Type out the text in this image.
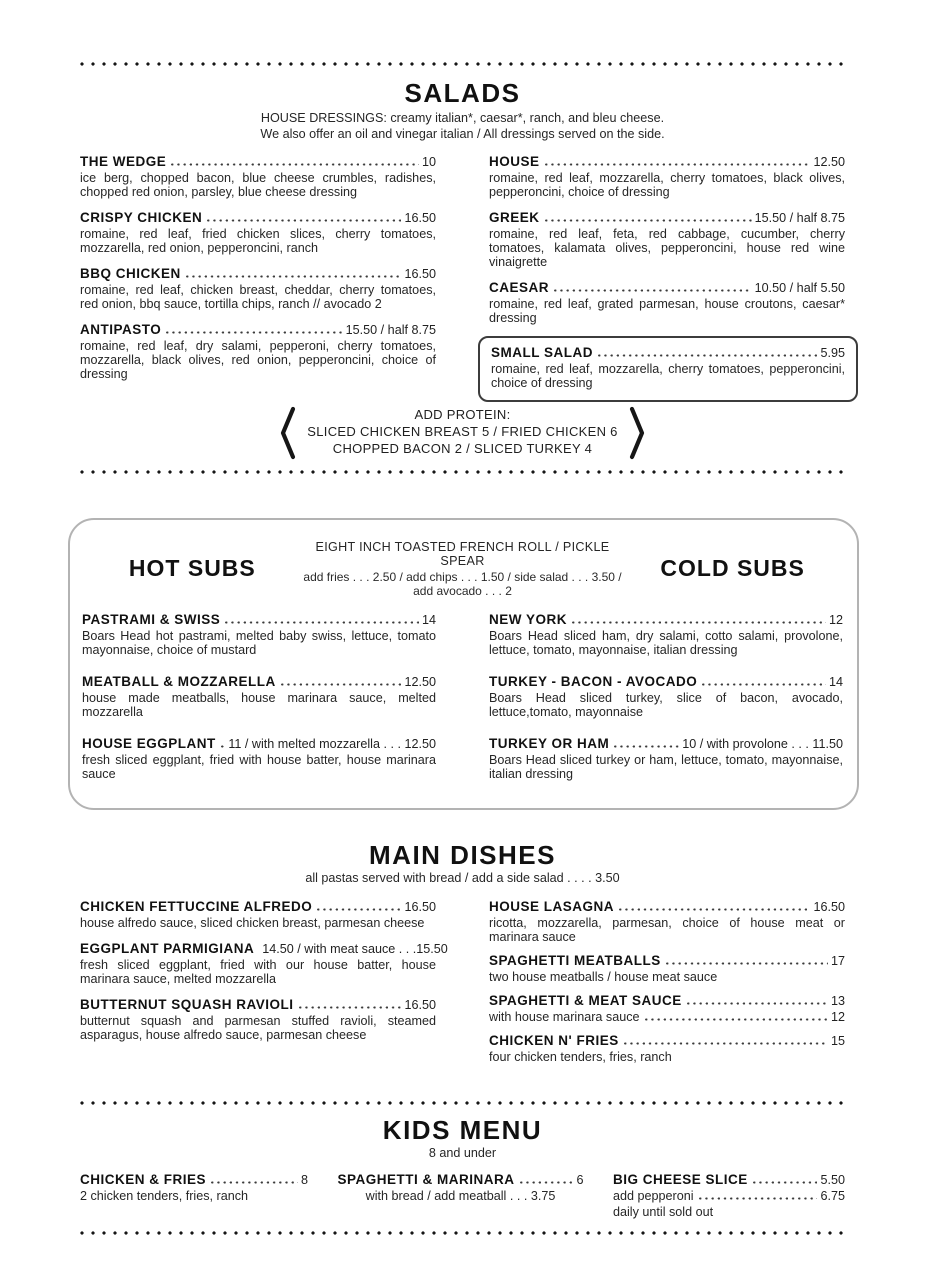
SALADS
HOUSE DRESSINGS: creamy italian*, caesar*, ranch, and bleu cheese.
We also offer an oil and vinegar italian / All dressings served on the side.
THE WEDGE	10
ice berg, chopped bacon, blue cheese crumbles, radishes, chopped red onion, parsley, blue cheese dressing
CRISPY CHICKEN	16.50
romaine, red leaf, fried chicken slices, cherry tomatoes, mozzarella, red onion, pepperoncini, ranch
BBQ CHICKEN	16.50
romaine, red leaf, chicken breast, cheddar, cherry tomatoes, red onion, bbq sauce, tortilla chips, ranch // avocado 2
ANTIPASTO	15.50 / half 8.75
romaine, red leaf, dry salami, pepperoni, cherry tomatoes, mozzarella, black olives, red onion, pepperoncini, choice of dressing
HOUSE	12.50
romaine, red leaf, mozzarella, cherry tomatoes, black olives, pepperoncini, choice of dressing
GREEK	15.50 / half 8.75
romaine, red leaf, feta, red cabbage, cucumber, cherry tomatoes, kalamata olives, pepperoncini, house red wine vinaigrette
CAESAR	10.50 / half 5.50
romaine, red leaf, grated parmesan, house croutons, caesar* dressing
SMALL SALAD	5.95
romaine, red leaf, mozzarella, cherry tomatoes, pepperoncini, choice of dressing
ADD PROTEIN:
SLICED CHICKEN BREAST 5 / FRIED CHICKEN 6
CHOPPED BACON 2 / SLICED TURKEY 4
HOT SUBS
EIGHT INCH TOASTED FRENCH ROLL / PICKLE SPEAR
add fries . . . 2.50 / add chips . . . 1.50 / side salad . . . 3.50 / add avocado . . . 2
COLD SUBS
PASTRAMI & SWISS	14
Boars Head hot pastrami, melted baby swiss, lettuce, tomato mayonnaise, choice of mustard
MEATBALL & MOZZARELLA	12.50
house made meatballs, house marinara sauce, melted mozzarella
HOUSE EGGPLANT 11 / with melted mozzarella . . . 12.50
fresh sliced eggplant, fried with house batter, house marinara sauce
NEW YORK	12
Boars Head sliced ham, dry salami, cotto salami, provolone, lettuce, tomato, mayonnaise, italian dressing
TURKEY - BACON - AVOCADO	14
Boars Head sliced turkey, slice of bacon, avocado, lettuce,tomato, mayonnaise
TURKEY OR HAM	10 / with provolone . . . 11.50
Boars Head sliced turkey or ham, lettuce, tomato, mayonnaise, italian dressing
MAIN DISHES
all pastas served with bread / add a side salad . . . . 3.50
CHICKEN FETTUCCINE ALFREDO	16.50
house alfredo sauce, sliced chicken breast, parmesan cheese
EGGPLANT PARMIGIANA 14.50 / with meat sauce . . .15.50
fresh sliced eggplant, fried with our house batter, house marinara sauce, melted mozzarella
BUTTERNUT SQUASH RAVIOLI	16.50
butternut squash and parmesan stuffed ravioli, steamed asparagus, house alfredo sauce, parmesan cheese
HOUSE LASAGNA	16.50
ricotta, mozzarella, parmesan, choice of house meat or marinara sauce
SPAGHETTI MEATBALLS	17
two house meatballs / house meat sauce
SPAGHETTI & MEAT SAUCE	13
with house marinara sauce	12
CHICKEN N' FRIES	15
four chicken tenders, fries, ranch
KIDS MENU
8 and under
CHICKEN & FRIES	8
2 chicken tenders, fries, ranch
SPAGHETTI & MARINARA	6
with bread / add meatball . . . 3.75
BIG CHEESE SLICE	5.50
add pepperoni	6.75
daily until sold out
